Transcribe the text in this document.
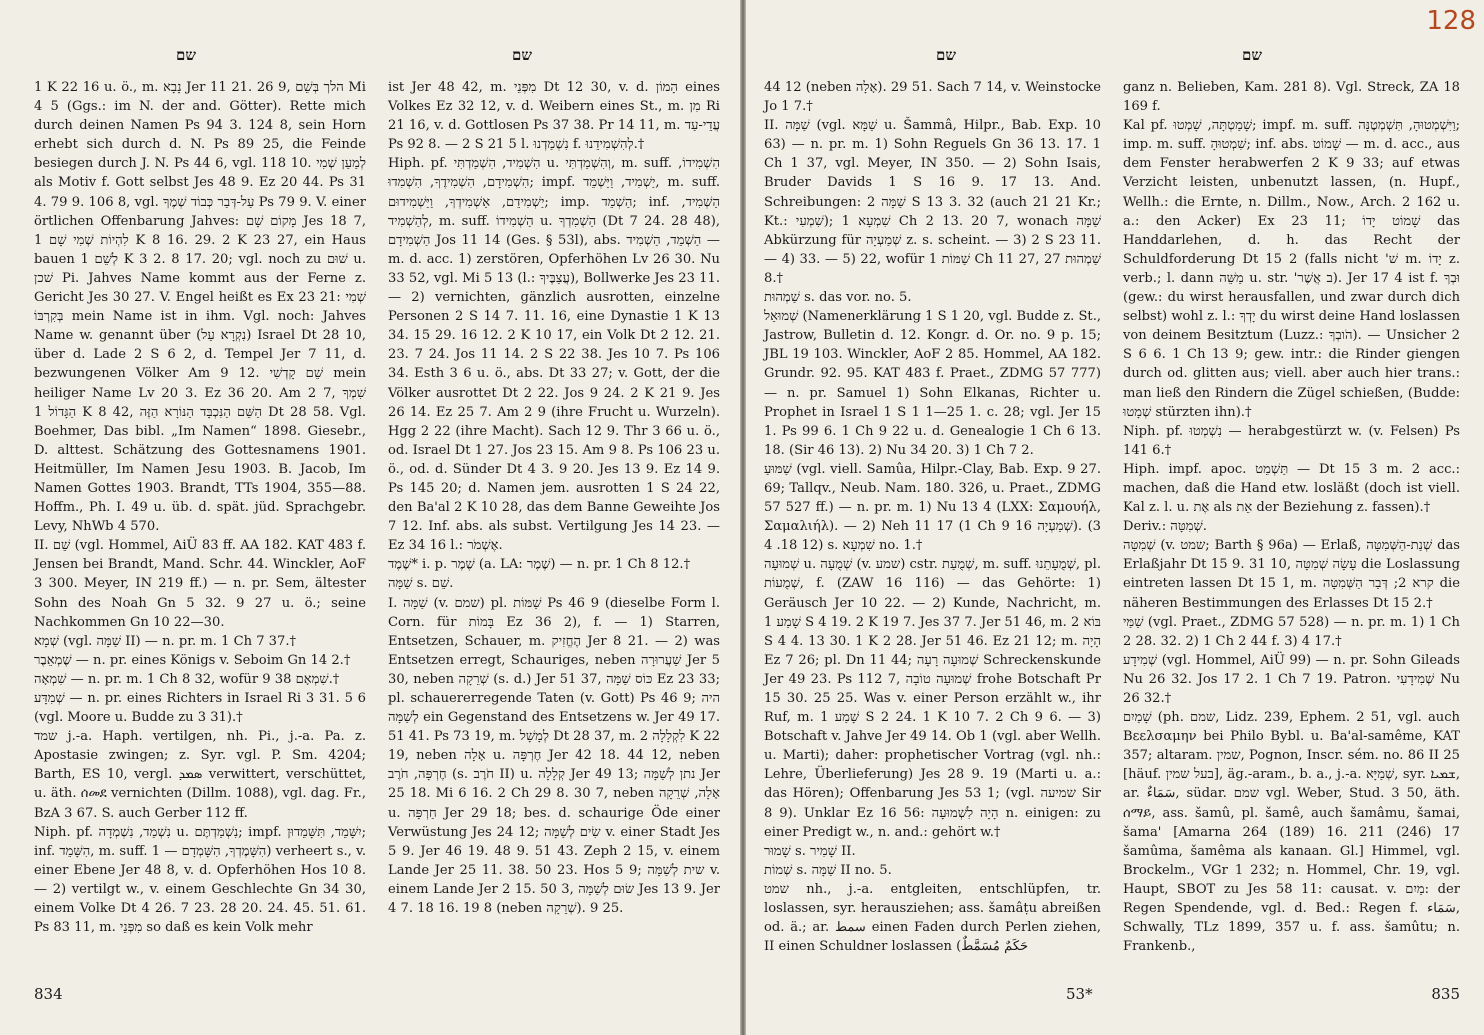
שם	שם

1 K 22 16 u. ö., m. נָבָא Jer 11 21. 26 9, הלך בְּשֵׁם Mi 4 5 (Ggs.: im N. der and. Götter). Rette mich durch deinen Namen Ps 94 3. 124 8, sein Horn erhebt sich durch d. N. Ps 89 25, die Feinde besiegen durch J. N. Ps 44 6, vgl. 118 10. לְמַעַן שְׁמִי als Motiv f. Gott selbst Jes 48 9. Ez 20 44. Ps 31 4. 79 9. 106 8, vgl. עַל-דְּבַר כְּבוֹד שְׁמֶךָ Ps 79 9. V. einer örtlichen Offenbarung Jahves: מָקוֹם שָׁם Jes 18 7, לִהְיוֹת שְׁמִי שָׁם 1 K 8 16. 29. 2 K 23 27, ein Haus bauen לְשֵׁם 1 K 3 2. 8 17. 20; vgl. noch zu שׁוּם u. שׁכן Pi. Jahves Name kommt aus der Ferne z. Gericht Jes 30 27. V. Engel heißt es Ex 23 21: שְׁמִי בְּקִרְבּוֹ mein Name ist in ihm. Vgl. noch: Jahves Name w. genannt über (נִקְרָא עַל) Israel Dt 28 10, über d. Lade 2 S 6 2, d. Tempel Jer 7 11, d. bezwungenen Völker Am 9 12. שֵׁם קָדְשִׁי mein heiliger Name Lv 20 3. Ez 36 20. Am 2 7, שִׁמְךָ הַגָּדוֹל 1 K 8 42, הַשֵּׁם הַנִּכְבָּד הַנּוֹרָא הַזֶּה Dt 28 58. Vgl. Boehmer, Das bibl. „Im Namen“ 1898. Giesebr., D. alttest. Schätzung des Gottesnamens 1901. Heitmüller, Im Namen Jesu 1903. B. Jacob, Im Namen Gottes 1903. Brandt, TTs 1904, 355—88. Hoffm., Ph. I. 49 u. üb. d. spät. jüd. Sprachgebr. Levy, NhWb 4 570.

II. שֵׁם (vgl. Hommel, AiÜ 83 ff. AA 182. KAT 483 f. Jensen bei Brandt, Mand. Schr. 44. Winckler, AoF 3 300. Meyer, IN 219 ff.) — n. pr. Sem, ältester Sohn des Noah Gn 5 32. 9 27 u. ö.; seine Nachkommen Gn 10 22—30.

שְׁמָא (vgl. שַׁמָּה II) — n. pr. m. 1 Ch 7 37.†

שֶׁמְאֵבֶר — n. pr. eines Königs v. Seboim Gn 14 2.†

שִׁמְאָה — n. pr. m. 1 Ch 8 32, wofür 9 38 שִׁמְאָם.†

שְׁמִדָּע — n. pr. eines Richters in Israel Ri 3 31. 5 6 (vgl. Moore u. Budde zu 3 31).†

שמד j.-a. Haph. vertilgen, nh. Pi., j.-a. Pa. z. Apostasie zwingen; z. Syr. vgl. P. Sm. 4204; Barth, ES 10, vergl. ܣܡܕ verwittert, verschüttet, u. äth. ሰመደ vernichten (Dillm. 1088), vgl. dag. Fr., BzA 3 67. S. auch Gerber 112 ff.

Niph. pf. נִשְׁמַד, נִשְׁמְדָה u. נִשְׁמַדְתֶּם; impf. יִשָּׁמֵד, תִּשָּׁמֵדוּן; inf. הִשָּׁמֵד, m. suff. הִשָּׁמֶדְךָ, הִשָּׁמְדָם — 1) verheert s., v. einer Ebene Jer 48 8, v. d. Opferhöhen Hos 10 8. — 2) vertilgt w., v. einem Geschlechte Gn 34 30, einem Volke Dt 4 26. 7 23. 28 20. 24. 45. 51. 61. Ps 83 11, m. מִפְּנֵי so daß es kein Volk mehr

ist Jer 48 42, m. מִפְּנֵי Dt 12 30, v. d. הָמוֹן eines Volkes Ez 32 12, v. d. Weibern eines St., m. מִן Ri 21 16, v. d. Gottlosen Ps 37 38. Pr 14 11, m. עֲדֵי-עַד Ps 92 8. — 2 S 21 5 l. נִשְׁמַדְנוּ f. לְהִשְׁמִידֵנוּ.†

Hiph. pf. הִשְׁמִיד, הִשְׁמַדְתִּי u. וְהִשְׁמַדְתִּי, m. suff. הִשְׁמִידוֹ, הִשְׁמִידָם, הִשְׁמִידֶךָ, הִשְׁמִדוּ; impf. יַשְׁמִיד, וַיַּשְׁמֵד, m. suff. יַשְׁמִידֵם, אַשְׁמִידְךָ, וַיַּשְׁמִידוּם; imp. הַשְׁמֵד; inf. הַשְׁמִיד, לְהַשְׁמִיד, m. suff. הַשְׁמִידוֹ u. הַשְׁמִדְךָ (Dt 7 24. 28 48), הַשְׁמִידָם Jos 11 14 (Ges. § 53l), abs. הַשְׁמֵד, הַשְׁמִיד — m. d. acc. 1) zerstören, Opferhöhen Lv 26 30. Nu 33 52, vgl. Mi 5 13 (l.: עֲצַבֶּיךָ), Bollwerke Jes 23 11. — 2) vernichten, gänzlich ausrotten, einzelne Personen 2 S 14 7. 11. 16, eine Dynastie 1 K 13 34. 15 29. 16 12. 2 K 10 17, ein Volk Dt 2 12. 21. 23. 7 24. Jos 11 14. 2 S 22 38. Jes 10 7. Ps 106 34. Esth 3 6 u. ö., abs. Dt 33 27; v. Gott, der die Völker ausrottet Dt 2 22. Jos 9 24. 2 K 21 9. Jes 26 14. Ez 25 7. Am 2 9 (ihre Frucht u. Wurzeln). Hgg 2 22 (ihre Macht). Sach 12 9. Thr 3 66 u. ö., od. Israel Dt 1 27. Jos 23 15. Am 9 8. Ps 106 23 u. ö., od. d. Sünder Dt 4 3. 9 20. Jes 13 9. Ez 14 9. Ps 145 20; d. Namen jem. ausrotten 1 S 24 22, den Ba'al 2 K 10 28, das dem Banne Geweihte Jos 7 12. Inf. abs. als subst. Vertilgung Jes 14 23. — Ez 34 16 l.: אֶשְׁמֹר.

שֶׁמֶד* i. p. שֶׁמֶר (a. LA: שֶׁמֶר) — n. pr. 1 Ch 8 12.†

שַׁמָּה s. שֵׁם.

I. שַׁמָּה (v. שמם) pl. שַׁמּוֹת Ps 46 9 (dieselbe Form l. Corn. für בָּמוֹת Ez 36 2), f. — 1) Starren, Entsetzen, Schauer, m. הֶחֱזִיק Jer 8 21. — 2) was Entsetzen erregt, Schauriges, neben שַׁעֲרוּרָה Jer 5 30, neben שְׁרֵקָה (s. d.) Jer 51 37, כּוֹס שַׁמָּה Ez 23 33; pl. schauererregende Taten (v. Gott) Ps 46 9; היה לְשַׁמָּה ein Gegenstand des Entsetzens w. Jer 49 17. 51 41. Ps 73 19, m. לְמָשָׁל Dt 28 37, m. לִקְלָלָה 2 K 22 19, neben אָלָה u. חֶרְפָּה Jer 42 18. 44 12, neben חֶרְפָּה, חֹרֶב (s. חֹרֶב II) u. קְלָלָה Jer 49 13; נתן לְשַׁמָּה Jer 25 18. Mi 6 16. 2 Ch 29 8. 30 7, neben אָלָה, שְׁרֵקָה u. חַרְפָּה Jer 29 18; bes. d. schaurige Öde einer Verwüstung Jes 24 12; שִׂים לְשַׁמָּה v. einer Stadt Jes 5 9. Jer 46 19. 48 9. 51 43. Zeph 2 15, v. einem Lande Jer 25 11. 38. 50 23. Hos 5 9; שית לְשַׁמָּה v. einem Lande Jer 2 15. 50 3, שׂוּם לְשַׁמָּה Jes 13 9. Jer 4 7. 18 16. 19 8 (neben שְׁרֵקָה). 25 9.

834
128
שם	שם

44 12 (neben אָלָה). 51 29. Sach 7 14, v. Weinstocke Jo 1 7.†

II. שַׁמָּה (vgl. שַׁמָּא u. Šammâ, Hilpr., Bab. Exp. 10 63) — n. pr. m. 1) Sohn Reguels Gn 36 13. 17. 1 Ch 1 37, vgl. Meyer, IN 350. — 2) Sohn Isais, Bruder Davids 1 S 16 9. 17 13. And. Schreibungen: שַׁמָּה 2 S 13 3. 32 (auch 21 21 Kr.; Kt.: שִׁמְעִי); שִׁמְעָא 1 Ch 2 13. 20 7, wonach שַׁמָּה Abkürzung für שְׁמַעְיָה z. s. scheint. — 3) 2 S 23 11. — 4) 33. — 5) 22, wofür שַׁמּוֹת 1 Ch 11 27, שַׁמְהוּת 27 8.†

שַׁמְהוּת s. das vor. no. 5.

שְׁמוּאֵל (Namenerklärung 1 S 1 20, vgl. Budde z. St., Jastrow, Bulletin d. 12. Kongr. d. Or. no. 9 p. 15; JBL 19 103. Winckler, AoF 2 85. Hommel, AA 182. Grundr. 92. 95. KAT 483 f. Praet., ZDMG 57 777) — n. pr. Samuel 1) Sohn Elkanas, Richter u. Prophet in Israel 1 S 1 1—25 1. c. 28; vgl. Jer 15 1. Ps 99 6. 1 Ch 9 22 u. d. Genealogie 1 Ch 6 13. 18. (Sir 46 13). 2) Nu 34 20. 3) 1 Ch 7 2.

שַׁמּוּעַ (vgl. viell. Samûa, Hilpr.-Clay, Bab. Exp. 9 27. 69; Tallqv., Neub. Nam. 180. 326, u. Praet., ZDMG 57 527 ff.) — n. pr. m. 1) Nu 13 4 (LXX: Σαμουήλ, Σαμαλιήλ). — 2) Neh 11 17 (1 Ch 9 16 שְׁמַעְיָה). 3) 12 18. 4) s. שִׁמְעָא no. 1.†

שְׁמוּעָה u. שְׁמֻעָה (v. שמע) cstr. שְׁמֻעַת, m. suff. שְׁמֻעָתֵנוּ, pl. שְׁמֻעוֹת, f. (ZAW 16 116) — das Gehörte: 1) Geräusch Jer 10 22. — 2) Kunde, Nachricht, m. שָׁמַע 1 S 4 19. 2 K 19 7. Jes 37 7. Jer 51 46, m. בּוֹא 2 S 4 4. 13 30. 1 K 2 28. Jer 51 46. Ez 21 12; m. הָיָה Ez 7 26; pl. Dn 11 44; שְׁמוּעָה רָעָה Schreckenskunde Jer 49 23. Ps 112 7, שְׁמוּעָה טוֹבָה frohe Botschaft Pr 15 30. 25 25. Was v. einer Person erzählt w., ihr Ruf, m. שָׁמַע 1 S 2 24. 1 K 10 7. 2 Ch 9 6. — 3) Botschaft v. Jahve Jer 49 14. Ob 1 (vgl. aber Wellh. u. Marti); daher: prophetischer Vortrag (vgl. nh.: Lehre, Überlieferung) Jes 28 9. 19 (Marti u. a.: das Hören); Offenbarung Jes 53 1; (vgl. שמיעה Sir 8 9). Unklar Ez 16 56: הָיָה לִשְׁמוּעָה n. einigen: zu einer Predigt w., n. and.: gehört w.†

שָׁמוּר s. שָׁמִיר II.

שְׁמוֹת s. שַׁמָּה II no. 5.

שמט nh., j.-a. entgleiten, entschlüpfen, tr. loslassen, syr. herausziehen; ass. šamâṭu abreißen od. ä.; ar. ﺳﻤﻂ einen Faden durch Perlen ziehen, II einen Schuldner loslassen (حَكَمٌ مُسَمَّطٌ

ganz n. Belieben, Kam. 281 8). Vgl. Streck, ZA 18 169 f.

Kal pf. שָׁמַטְתָּה, שָׁמְטוּ; impf. m. suff. וַיִּשְׁמְטוּהָ, תִּשְׁמְטֶנָּה; imp. m. suff. שִׁמְטוּהָ; inf. abs. שָׁמוֹט — m. d. acc., aus dem Fenster herabwerfen 2 K 9 33; auf etwas Verzicht leisten, unbenutzt lassen, (n. Hupf., Wellh.: die Ernte, n. Dillm., Now., Arch. 2 162 u. a.: den Acker) Ex 23 11; שָׁמוֹט יָדוֹ das Handdarlehen, d. h. das Recht der Schuldforderung Dt 15 2 (falls nicht 'שׁ m. יָדוֹ z. verb.; l. dann מַשֵּׁה u. str. 'ב אֲשֶׁר). Jer 17 4 ist f. וּבְךָ (gew.: du wirst herausfallen, und zwar durch dich selbst) wohl z. l.: יָדְךָ du wirst deine Hand loslassen von deinem Besitztum (Luzz.: הֹובְךָ). — Unsicher 2 S 6 6. 1 Ch 13 9; gew. intr.: die Rinder giengen durch od. glitten aus; viell. aber auch hier trans.: man ließ den Rindern die Zügel schießen, (Budde: שְׁמָטוּ stürzten ihn).†

Niph. pf. נִשְׁמְטוּ — herabgestürzt w. (v. Felsen) Ps 141 6.†

Hiph. impf. apoc. תַּשְׁמֵט — Dt 15 3 m. 2 acc.: machen, daß die Hand etw. losläßt (doch ist viell. Kal z. l. u. אֶת als אֵת der Beziehung z. fassen).†

Deriv.: שְׁמִטָּה.

שְׁמִטָּה (v. שמט; Barth § 96a) — Erlaß, שְׁנַת-הַשְּׁמִטָּה das Erlaßjahr Dt 15 9. 31 10, עָשָׂה שְׁמִטָּה die Loslassung eintreten lassen Dt 15 1, m. קרא 2; דְּבַר הַשְּׁמִטָּה die näheren Bestimmungen des Erlasses Dt 15 2.†

שַׁמַּי (vgl. Praet., ZDMG 57 528) — n. pr. m. 1) 1 Ch 2 28. 32. 2) 1 Ch 2 44 f. 3) 4 17.†

שְׁמִידָע (vgl. Hommel, AiÜ 99) — n. pr. Sohn Gileads Nu 26 32. Jos 17 2. 1 Ch 7 19. Patron. שְׁמִידָעִי Nu 26 32.†

שָׁמַיִם (ph. שמם, Lidz. 239, Ephem. 2 51, vgl. auch Βεελσαμην bei Philo Bybl. u. Ba'al-samême, KAT 357; altaram. שמין, Pognon, Inscr. sém. no. 86 II 25 [häuf. בעל שמין], äg.-aram., b. a., j.-a. שְׁמַיָּא, syr. ܫܡܝܐ, ar. سَمَاءٌ, südar. שמם vgl. Weber, Stud. 3 50, äth. ሰማይ, ass. šamû, pl. šamê, auch šamâmu, šamai, šama' [Amarna 264 (189) 16. 211 (246) 17 šamûma, šamêma als kanaan. Gl.] Himmel, vgl. Brockelm., VGr 1 232; n. Hommel, Chr. 19, vgl. Haupt, SBOT zu Jes 58 11: causat. v. מַיִם: der Regen Spendende, vgl. d. Bed.: Regen f. سَمَاء, Schwally, TLz 1899, 357 u. f. ass. šamûtu; n. Frankenb.,

53*	835
